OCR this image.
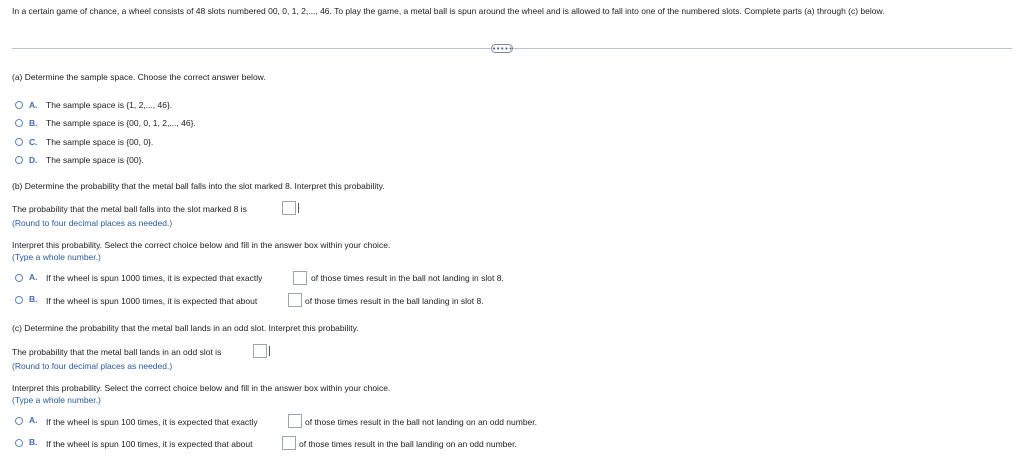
In a certain game of chance, a wheel consists of 48 slots numbered 00, 0, 1, 2,..., 46. To play the game, a metal ball is spun around the wheel and is allowed to fall into one of the numbered slots. Complete parts (a) through (c) below.
•••••
(a) Determine the sample space. Choose the correct answer below.
A. The sample space is {1, 2,..., 46}.
B. The sample space is {00, 0, 1, 2,..., 46}.
C. The sample space is {00, 0}.
D. The sample space is {00}.
(b) Determine the probability that the metal ball falls into the slot marked 8. Interpret this probability.
The probability that the metal ball falls into the slot marked 8 is
(Round to four decimal places as needed.)
Interpret this probability. Select the correct choice below and fill in the answer box within your choice.
(Type a whole number.)
A. If the wheel is spun 1000 times, it is expected that exactly	of those times result in the ball not landing in slot 8.
B. If the wheel is spun 1000 times, it is expected that about	of those times result in the ball landing in slot 8.
(c) Determine the probability that the metal ball lands in an odd slot. Interpret this probability.
The probability that the metal ball lands in an odd slot is
(Round to four decimal places as needed.)
Interpret this probability. Select the correct choice below and fill in the answer box within your choice.
(Type a whole number.)
A. If the wheel is spun 100 times, it is expected that exactly	of those times result in the ball not landing on an odd number.
B. If the wheel is spun 100 times, it is expected that about	of those times result in the ball landing on an odd number.
